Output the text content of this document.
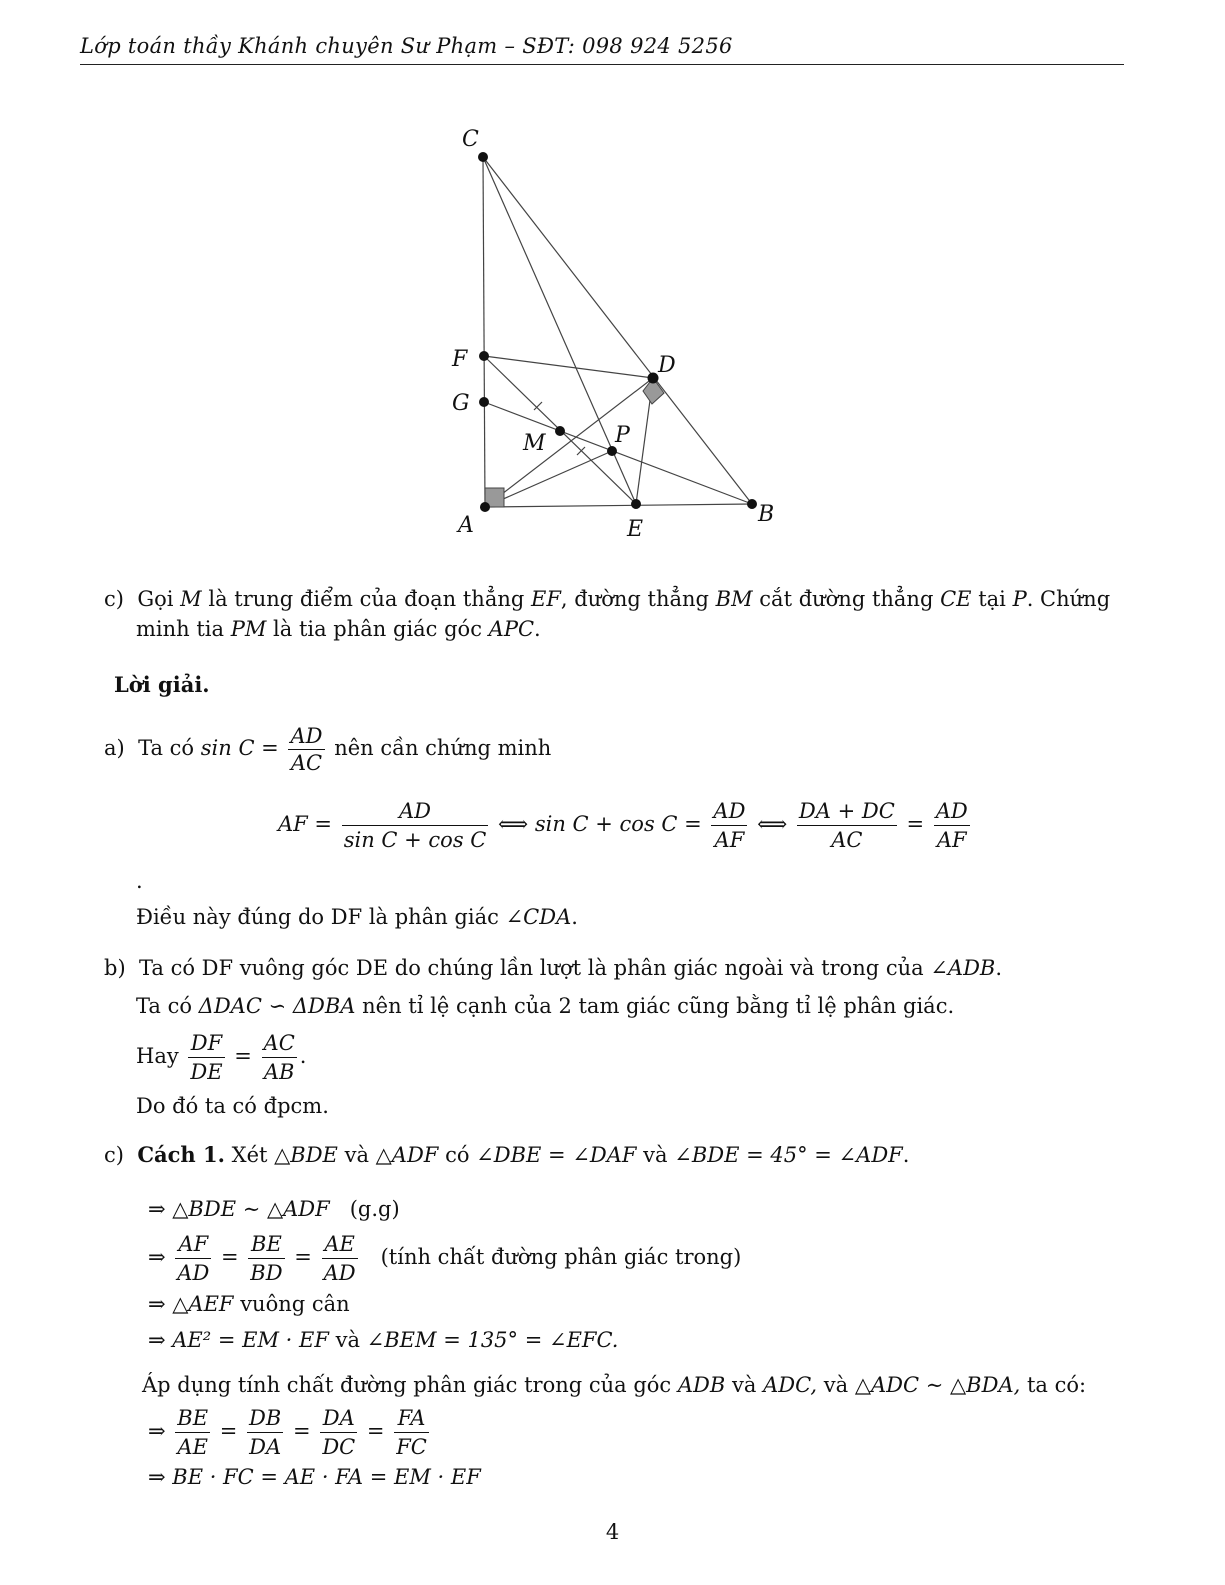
Lớp toán thầy Khánh chuyên Sư Phạm – SĐT: 098 924 5256
C
F
G
D
M	P
A	E
B
c) Gọi M là trung điểm của đoạn thẳng EF, đường thẳng BM cắt đường thẳng CE tại P. Chứng
minh tia PM là tia phân giác góc APC.
Lời giải.
a) Ta có $\sin C = \frac{AD}{AC}$ nên cần chứng minh
AF = $\frac{AD}{\text{sin C + cos C}}$ ⟺ $\sin C + \cos C = \frac{AD}{AF}$ ⟺ $\frac{DA + DC}{AC} = \frac{AD}{AF}$
.
Điều này đúng do DF là phân giác ∠CDA.
b) Ta có DF vuông góc DE do chúng lần lượt là phân giác ngoài và trong của ∠ADB.
Ta có ΔDAC ∽ ΔDBA nên tỉ lệ cạnh của 2 tam giác cũng bằng tỉ lệ phân giác.
Hay $\frac{DF}{DE} = \frac{AC}{AB}$ .
Do đó ta có đpcm.
c) Cách 1. Xét △BDE và △ADF có ∠DBE = ∠DAF và ∠BDE = 45° = ∠ADF.
⇒ △BDE ∼ △ADF (g.g)
⇒ $\frac{AF}{AD} = \frac{BE}{BD} = \frac{AE}{AD}$ (tính chất đường phân giác trong)
⇒ △AEF vuông cân
⇒ AE² = EM · EF và ∠BEM = 135° = ∠EFC.
Áp dụng tính chất đường phân giác trong của góc ADB và ADC, và △ADC ∼ △BDA, ta có:
⇒ $\frac{BE}{AE} = \frac{DB}{DA} = \frac{DA}{DC} = \frac{FA}{FC}$
⇒ BE · FC = AE · FA = EM · EF
4
